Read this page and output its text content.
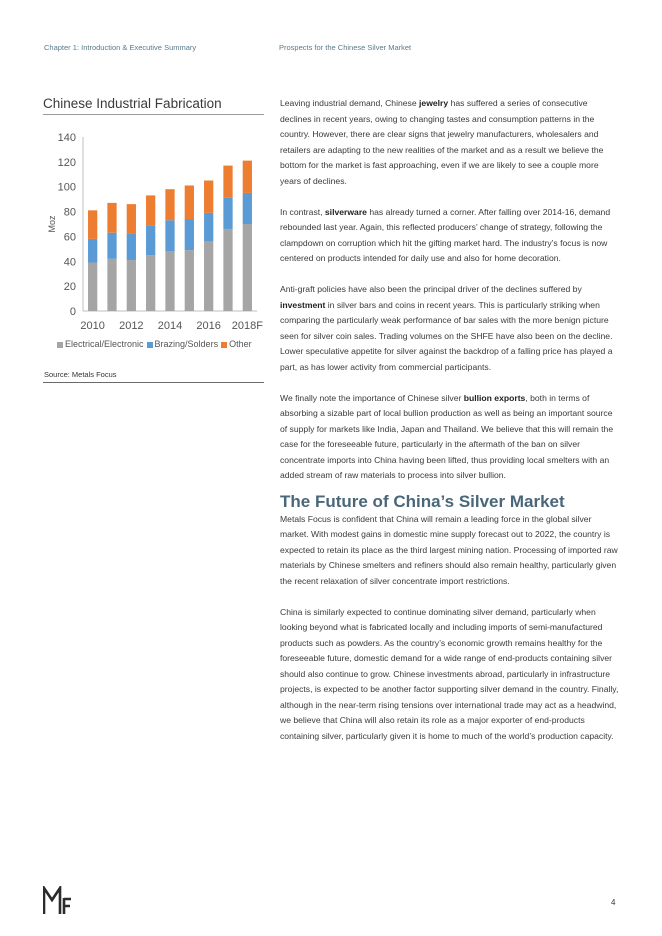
Chapter 1: Introduction & Executive Summary	Prospects for the Chinese Silver Market
Chinese Industrial Fabrication
0
20
40
60
80
100
120
140
Moz
2010 2012 2014 2016 2018F
Electrical/Electronic Brazing/Solders Other
Source: Metals Focus

Leaving industrial demand, Chinese jewelry has suffered a series of consecutive declines in recent years, owing to changing tastes and consumption patterns in the country. However, there are clear signs that jewelry manufacturers, wholesalers and retailers are adapting to the new realities of the market and as a result we believe the bottom for the market is fast approaching, even if we are likely to see a couple more years of declines.

In contrast, silverware has already turned a corner. After falling over 2014-16, demand rebounded last year. Again, this reflected producers’ change of strategy, following the clampdown on corruption which hit the gifting market hard. The industry’s focus is now centered on products intended for daily use and also for home decoration.

Anti-graft policies have also been the principal driver of the declines suffered by investment in silver bars and coins in recent years. This is particularly striking when comparing the particularly weak performance of bar sales with the more benign picture seen for silver coin sales. Trading volumes on the SHFE have also been on the decline. Lower speculative appetite for silver against the backdrop of a falling price has played a part, as has lower activity from commercial participants.

We finally note the importance of Chinese silver bullion exports, both in terms of absorbing a sizable part of local bullion production as well as being an important source of supply for markets like India, Japan and Thailand. We believe that this will remain the case for the foreseeable future, particularly in the aftermath of the ban on silver concentrate imports into China having been lifted, thus providing local smelters with an added stream of raw materials to process into silver bullion.

The Future of China’s Silver Market

Metals Focus is confident that China will remain a leading force in the global silver market. With modest gains in domestic mine supply forecast out to 2022, the country is expected to retain its place as the third largest mining nation. Processing of imported raw materials by Chinese smelters and refiners should also remain healthy, particularly given the recent relaxation of silver concentrate import restrictions.

China is similarly expected to continue dominating silver demand, particularly when looking beyond what is fabricated locally and including imports of semi-manufactured products such as powders. As the country’s economic growth remains healthy for the foreseeable future, domestic demand for a wide range of end-products containing silver should also continue to grow. Chinese investments abroad, particularly in infrastructure projects, is expected to be another factor supporting silver demand in the country. Finally, although in the near-term rising tensions over international trade may act as a headwind, we believe that China will also retain its role as a major exporter of end-products containing silver, particularly given it is home to much of the world’s production capacity.

4
